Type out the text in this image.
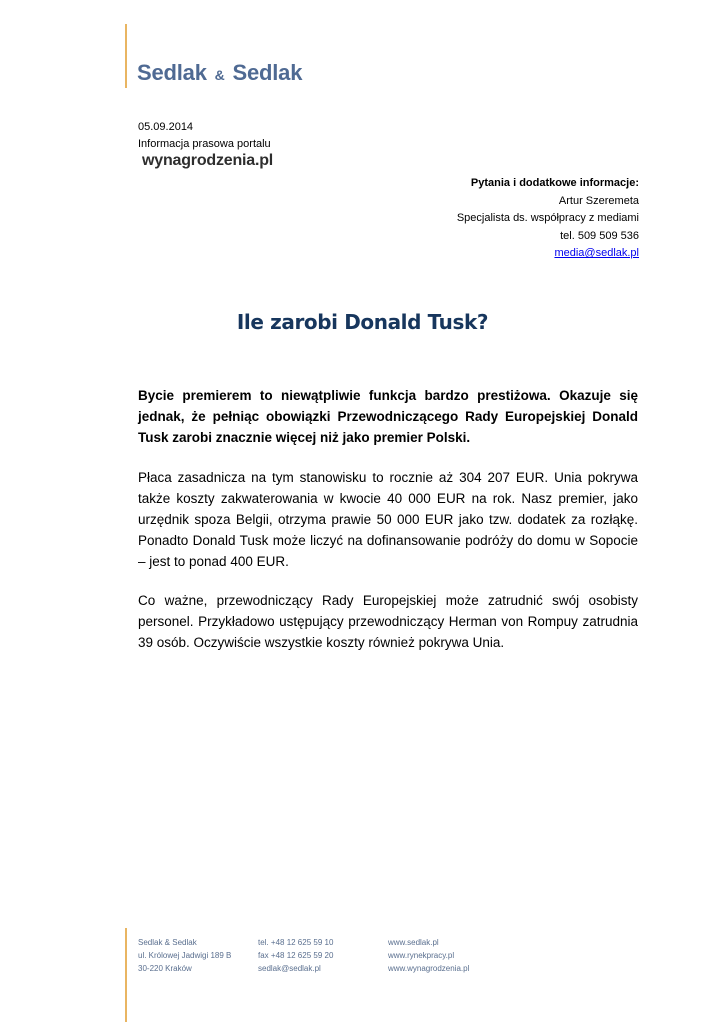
Sedlak & Sedlak
05.09.2014
Informacja prasowa portalu
wynagrodzenia.pl
Pytania i dodatkowe informacje:
Artur Szeremeta
Specjalista ds. współpracy z mediami
tel. 509 509 536
media@sedlak.pl
Ile zarobi Donald Tusk?
Bycie premierem to niewątpliwie funkcja bardzo prestiżowa. Okazuje się jednak, że pełniąc obowiązki Przewodniczącego Rady Europejskiej Donald Tusk zarobi znacznie więcej niż jako premier Polski.
Płaca zasadnicza na tym stanowisku to rocznie aż 304 207 EUR. Unia pokrywa także koszty zakwaterowania w kwocie 40 000 EUR na rok. Nasz premier, jako urzędnik spoza Belgii, otrzyma prawie 50 000 EUR jako tzw. dodatek za rozłąkę. Ponadto Donald Tusk może liczyć na dofinansowanie podróży do domu w Sopocie – jest to ponad 400 EUR.
Co ważne, przewodniczący Rady Europejskiej może zatrudnić swój osobisty personel. Przykładowo ustępujący przewodniczący Herman von Rompuy zatrudnia 39 osób. Oczywiście wszystkie koszty również pokrywa Unia.
Sedlak & Sedlak
ul. Królowej Jadwigi 189 B
30-220 Kraków
tel. +48 12 625 59 10
fax +48 12 625 59 20
sedlak@sedlak.pl
www.sedlak.pl
www.rynekpracy.pl
www.wynagrodzenia.pl
